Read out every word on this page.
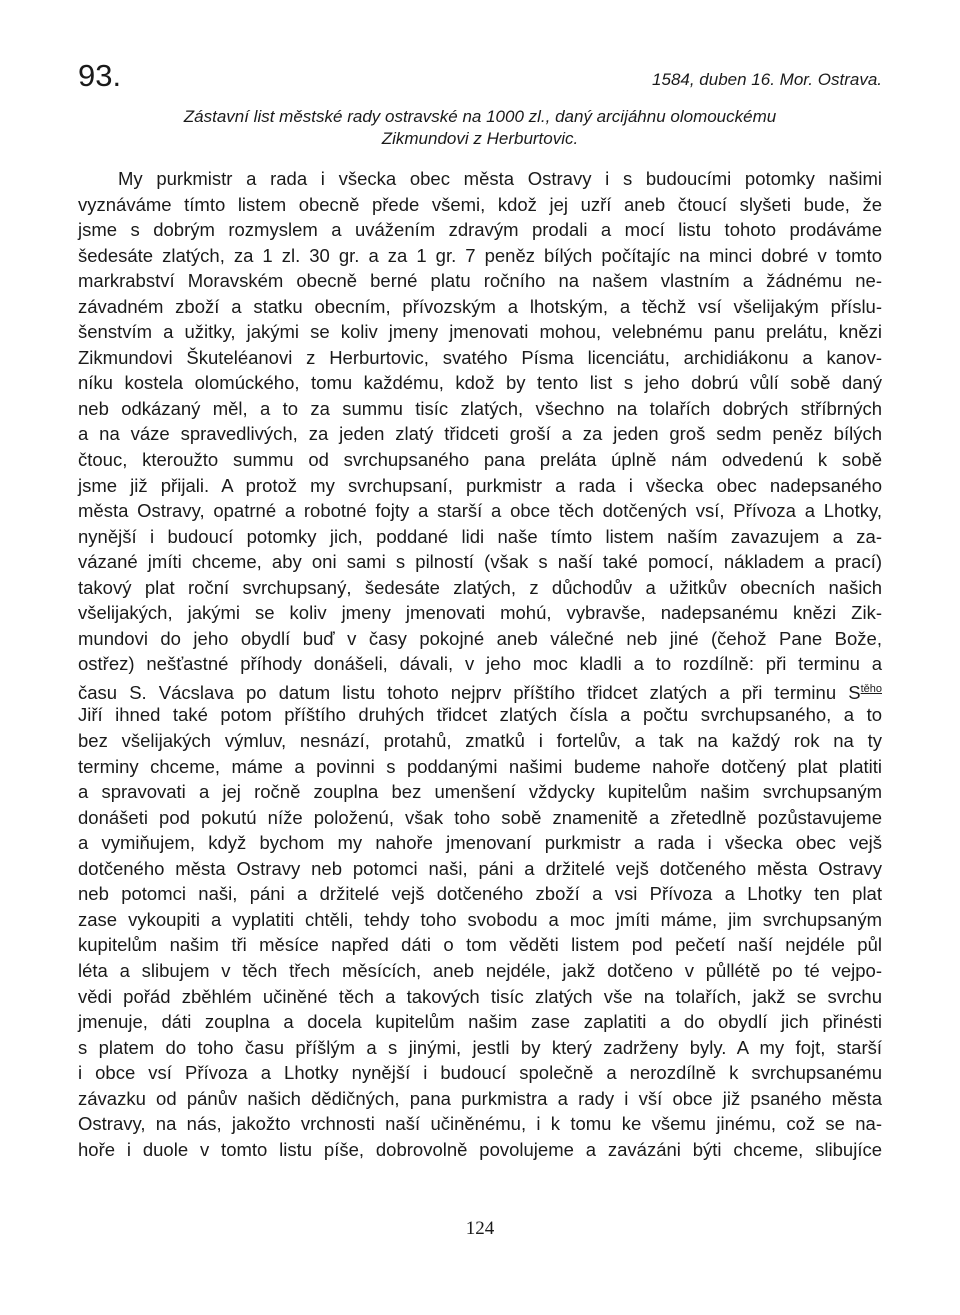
93.	1584, duben 16. Mor. Ostrava.
Zástavní list městské rady ostravské na 1000 zl., daný arcijáhnu olomouckému
Zikmundovi z Herburtovic.
My purkmistr a rada i všecka obec města Ostravy i s budoucími potomky našimi
vyznáváme tímto listem obecně přede všemi, kdož jej uzří aneb čtoucí slyšeti bude, že
jsme s dobrým rozmyslem a uvážením zdravým prodali a mocí listu tohoto prodáváme
šedesáte zlatých, za 1 zl. 30 gr. a za 1 gr. 7 peněz bílých počítajíc na minci dobré v tomto
markrabství Moravském obecně berné platu ročního na našem vlastním a žádnému ne-
závadném zboží a statku obecním, přívozským a lhotským, a těchž vsí všelijakým příslu-
šenstvím a užitky, jakými se koliv jmeny jmenovati mohou, velebnému panu prelátu, knězi
Zikmundovi Škuteléanovi z Herburtovic, svatého Písma licenciátu, archidiákonu a kanov-
níku kostela olomúckého, tomu každému, kdož by tento list s jeho dobrú vůlí sobě daný
neb odkázaný měl, a to za summu tisíc zlatých, všechno na tolařích dobrých stříbrných
a na váze spravedlivých, za jeden zlatý třidceti groší a za jeden groš sedm peněz bílých
čtouc, kteroužto summu od svrchupsaného pana preláta úplně nám odvedenú k sobě
jsme již přijali. A protož my svrchupsaní, purkmistr a rada i všecka obec nadepsaného
města Ostravy, opatrné a robotné fojty a starší a obce těch dotčených vsí, Přívoza a Lhotky,
nynější i budoucí potomky jich, poddané lidi naše tímto listem naším zavazujem a za-
vázané jmíti chceme, aby oni sami s pilností (však s naší také pomocí, nákladem a prací)
takový plat roční svrchupsaný, šedesáte zlatých, z důchodův a užitkův obecních našich
všelijakých, jakými se koliv jmeny jmenovati mohú, vybravše, nadepsanému knězi Zik-
mundovi do jeho obydlí buď v časy pokojné aneb válečné neb jiné (čehož Pane Bože,
ostřez) nešťastné příhody donášeli, dávali, v jeho moc kladli a to rozdílně: při terminu a
času S. Vácslava po datum listu tohoto nejprv příštího třidcet zlatých a při terminu $S^{těho}$
Jiří ihned také potom příštího druhých třidcet zlatých čísla a počtu svrchupsaného, a to
bez všelijakých výmluv, nesnází, protahů, zmatků i fortelův, a tak na každý rok na ty
terminy chceme, máme a povinni s poddanými našimi budeme nahoře dotčený plat platiti
a spravovati a jej ročně zouplna bez umenšení vždycky kupitelům našim svrchupsaným
donášeti pod pokutú níže položenú, však toho sobě znamenitě a zřetedlně pozůstavujeme
a vymiňujem, když bychom my nahoře jmenovaní purkmistr a rada i všecka obec vejš
dotčeného města Ostravy neb potomci naši, páni a držitelé vejš dotčeného města Ostravy
neb potomci naši, páni a držitelé vejš dotčeného zboží a vsi Přívoza a Lhotky ten plat
zase vykoupiti a vyplatiti chtěli, tehdy toho svobodu a moc jmíti máme, jim svrchupsaným
kupitelům našim tři měsíce napřed dáti o tom věděti listem pod pečetí naší nejdéle půl
léta a slibujem v těch třech měsících, aneb nejdéle, jakž dotčeno v půllétě po té vejpo-
vědi pořád zběhlém učiněné těch a takových tisíc zlatých vše na tolařích, jakž se svrchu
jmenuje, dáti zouplna a docela kupitelům našim zase zaplatiti a do obydlí jich přinésti
s platem do toho času příšlým a s jinými, jestli by který zadrženy byly. A my fojt, starší
i obce vsí Přívoza a Lhotky nynější i budoucí společně a nerozdílně k svrchupsanému
závazku od pánův našich dědičných, pana purkmistra a rady i vší obce již psaného města
Ostravy, na nás, jakožto vrchnosti naší učiněnému, i k tomu ke všemu jinému, což se na-
hoře i duole v tomto listu píše, dobrovolně povolujeme a zavázáni býti chceme, slibujíce
124
